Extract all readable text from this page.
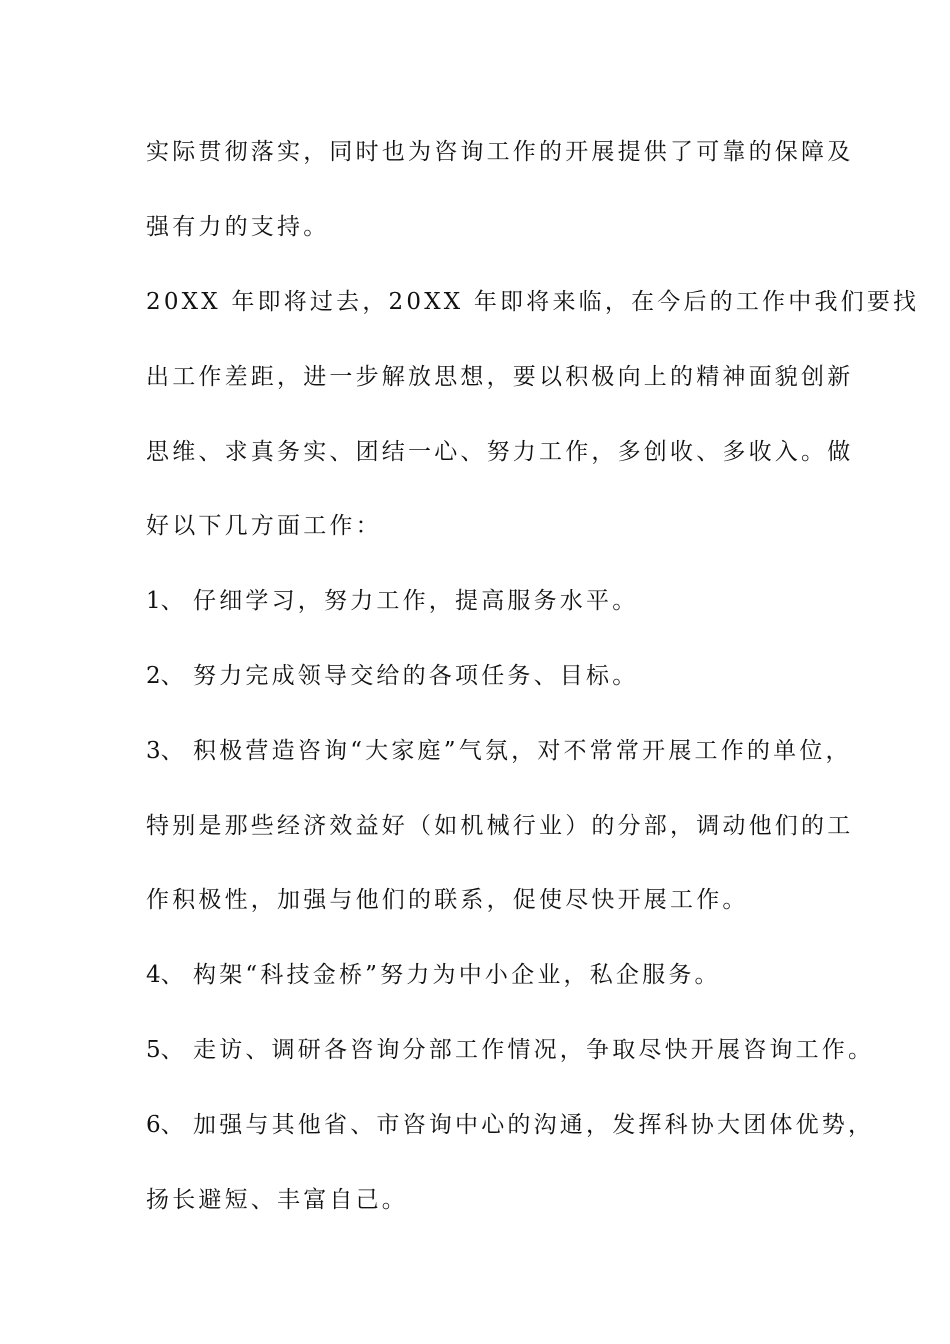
实际贯彻落实，同时也为咨询工作的开展提供了可靠的保障及
强有力的支持。
20XX 年即将过去，20XX 年即将来临，在今后的工作中我们要找
出工作差距，进一步解放思想，要以积极向上的精神面貌创新
思维、求真务实、团结一心、努力工作，多创收、多收入。做
好以下几方面工作：
1、 仔细学习，努力工作，提高服务水平。
2、 努力完成领导交给的各项任务、目标。
3、 积极营造咨询“大家庭”气氛，对不常常开展工作的单位，
特别是那些经济效益好（如机械行业）的分部，调动他们的工
作积极性，加强与他们的联系，促使尽快开展工作。
4、 构架“科技金桥”努力为中小企业，私企服务。
5、 走访、调研各咨询分部工作情况，争取尽快开展咨询工作。
6、 加强与其他省、市咨询中心的沟通，发挥科协大团体优势，
扬长避短、丰富自己。
